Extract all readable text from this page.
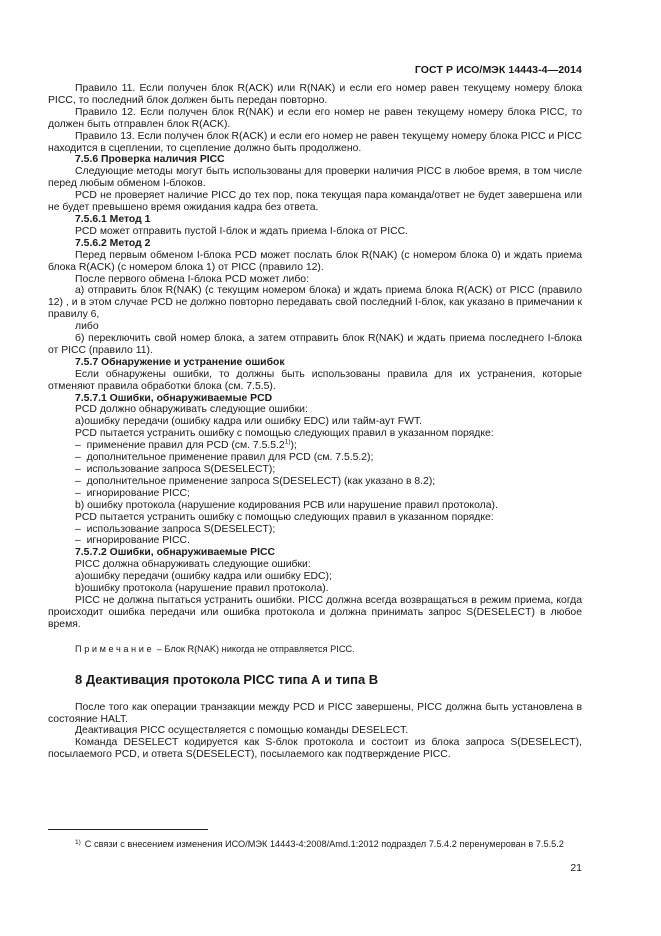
ГОСТ Р ИСО/МЭК 14443-4—2014

Правило 11. Если получен блок R(ACK) или R(NAK) и если его номер равен текущему номеру блока PICC, то последний блок должен быть передан повторно.

Правило 12. Если получен блок R(NAK) и если его номер не равен текущему номеру блока PICC, то должен быть отправлен блок R(ACK).

Правило 13. Если получен блок R(ACK) и если его номер не равен текущему номеру блока PICC и PICC находится в сцеплении, то сцепление должно быть продолжено.

7.5.6 Проверка наличия PICC

Следующие методы могут быть использованы для проверки наличия PICC в любое время, в том числе перед любым обменом I-блоков.

PCD не проверяет наличие PICC до тех пор, пока текущая пара команда/ответ не будет завершена или не будет превышено время ожидания кадра без ответа.

7.5.6.1 Метод 1

PCD может отправить пустой I-блок и ждать приема I-блока от PICC.

7.5.6.2 Метод 2

Перед первым обменом I-блока PCD может послать блок R(NAK) (с номером блока 0) и ждать приема блока R(ACK) (с номером блока 1) от PICC (правило 12).

После первого обмена I-блока PCD может либо:

а) отправить блок R(NAK) (с текущим номером блока) и ждать приема блока R(ACK) от PICC (правило 12) , и в этом случае PCD не должно повторно передавать свой последний I-блок, как указано в примечании к правилу 6,

либо

б) переключить свой номер блока, а затем отправить блок R(NAK) и ждать приема последнего I-блока от PICC (правило 11).

7.5.7 Обнаружение и устранение ошибок

Если обнаружены ошибки, то должны быть использованы правила для их устранения, которые отменяют правила обработки блока (см. 7.5.5).

7.5.7.1 Ошибки, обнаруживаемые PCD

PCD должно обнаруживать следующие ошибки:

а)ошибку передачи (ошибку кадра или ошибку EDC) или тайм-аут FWT.

PCD пытается устранить ошибку с помощью следующих правил в указанном порядке:

–  применение правил для PCD (см. 7.5.5.2$^{1)}$);

–  дополнительное применение правил для PCD (см. 7.5.5.2);

–  использование запроса S(DESELECT);

–  дополнительное применение запроса S(DESELECT) (как указано в 8.2);

–  игнорирование PICC;

b) ошибку протокола (нарушение кодирования PCB или нарушение правил протокола).

PCD пытается устранить ошибку с помощью следующих правил в указанном порядке:

–  использование запроса S(DESELECT);

–  игнорирование PICC.

7.5.7.2 Ошибки, обнаруживаемые PICC

PICC должна обнаруживать следующие ошибки:

а)ошибку передачи (ошибку кадра или ошибку EDC);

b)ошибку протокола (нарушение правил протокола).

PICC не должна пытаться устранить ошибки. PICC должна всегда возвращаться в режим приема, когда происходит ошибка передачи или ошибка протокола и должна принимать запрос S(DESELECT) в любое время.

Примечание – Блок R(NAK) никогда не отправляется PICC.

8 Деактивация протокола PICC типа А и типа В

После того как операции транзакции между PCD и PICC завершены, PICC должна быть установлена в состояние HALT.

Деактивация PICC осуществляется с помощью команды DESELECT.

Команда DESELECT кодируется как S-блок протокола и состоит из блока запроса S(DESELECT), посылаемого PCD, и ответа S(DESELECT), посылаемого как подтверждение PICC.

$^{1)}$ С связи с внесением изменения ИСО/МЭК 14443-4:2008/Amd.1:2012 подраздел 7.5.4.2 перенумерован в 7.5.5.2
21
